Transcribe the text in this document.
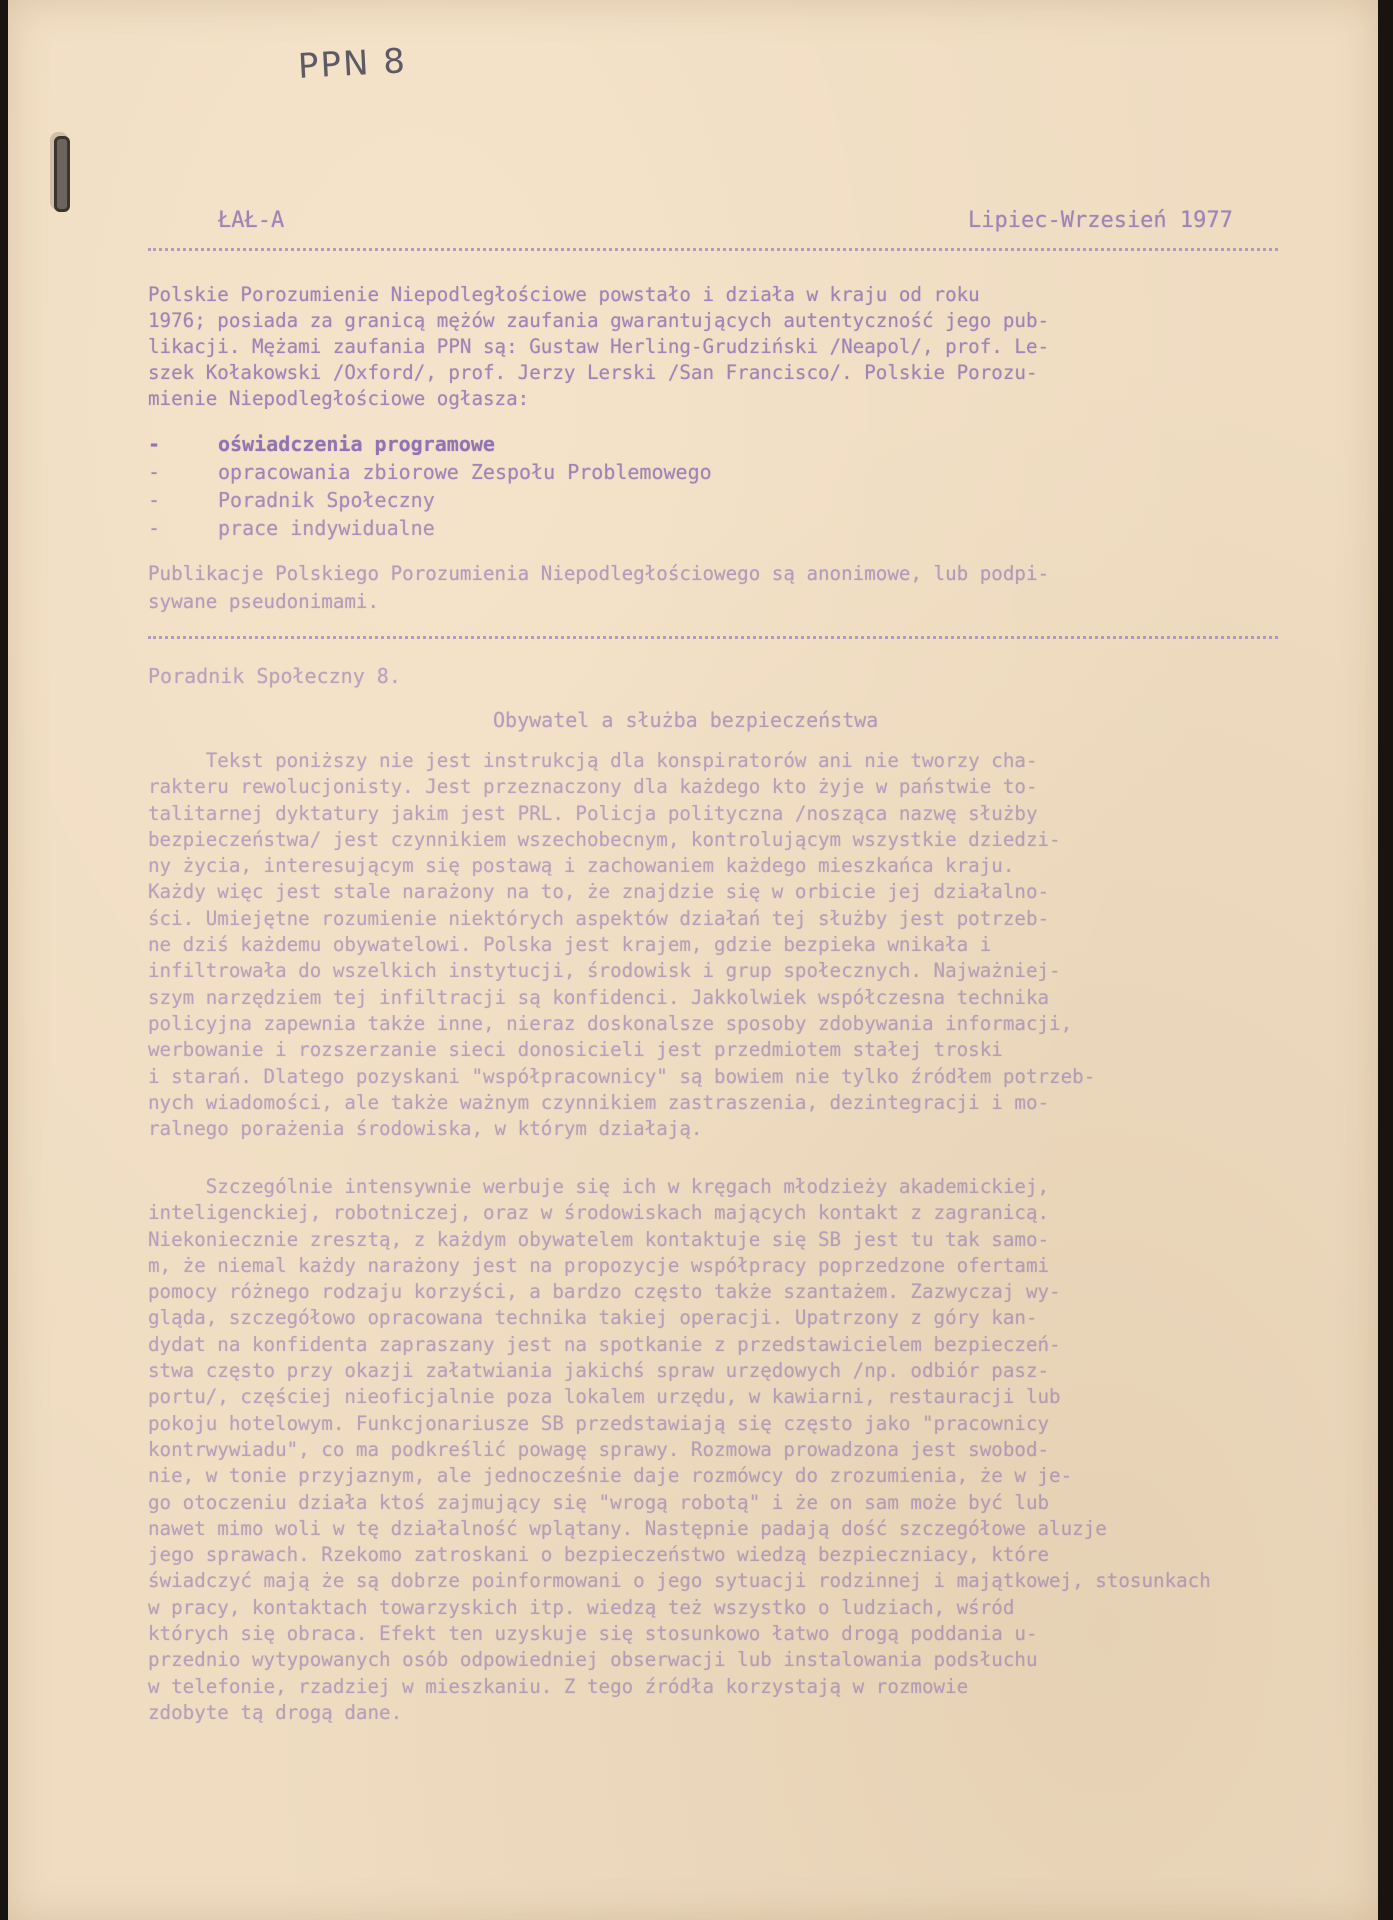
PPN 8
ŁAŁ-A	Lipiec-Wrzesień 1977
Polskie Porozumienie Niepodległościowe powstało i działa w kraju od roku
1976; posiada za granicą mężów zaufania gwarantujących autentyczność jego pub-
likacji. Mężami zaufania PPN są: Gustaw Herling-Grudziński /Neapol/, prof. Le-
szek Kołakowski /Oxford/, prof. Jerzy Lerski /San Francisco/. Polskie Porozu-
mienie Niepodległościowe ogłasza:
-	oświadczenia programowe
-	opracowania zbiorowe Zespołu Problemowego
-	Poradnik Społeczny
-	prace indywidualne
Publikacje Polskiego Porozumienia Niepodległościowego są anonimowe, lub podpi-
sywane pseudonimami.
Poradnik Społeczny 8.
Obywatel a służba bezpieczeństwa
Tekst poniższy nie jest instrukcją dla konspiratorów ani nie tworzy cha-
rakteru rewolucjonisty. Jest przeznaczony dla każdego kto żyje w państwie to-
talitarnej dyktatury jakim jest PRL. Policja polityczna /nosząca nazwę służby
bezpieczeństwa/ jest czynnikiem wszechobecnym, kontrolującym wszystkie dziedzi-
ny życia, interesującym się postawą i zachowaniem każdego mieszkańca kraju.
Każdy więc jest stale narażony na to, że znajdzie się w orbicie jej działalno-
ści. Umiejętne rozumienie niektórych aspektów działań tej służby jest potrzeb-
ne dziś każdemu obywatelowi. Polska jest krajem, gdzie bezpieka wnikała i
infiltrowała do wszelkich instytucji, środowisk i grup społecznych. Najważniej-
szym narzędziem tej infiltracji są konfidenci. Jakkolwiek współczesna technika
policyjna zapewnia także inne, nieraz doskonalsze sposoby zdobywania informacji,
werbowanie i rozszerzanie sieci donosicieli jest przedmiotem stałej troski
i starań. Dlatego pozyskani "współpracownicy" są bowiem nie tylko źródłem potrzeb-
nych wiadomości, ale także ważnym czynnikiem zastraszenia, dezintegracji i mo-
ralnego porażenia środowiska, w którym działają.
Szczególnie intensywnie werbuje się ich w kręgach młodzieży akademickiej,
inteligenckiej, robotniczej, oraz w środowiskach mających kontakt z zagranicą.
Niekoniecznie zresztą, z każdym obywatelem kontaktuje się SB jest tu tak samo-
m, że niemal każdy narażony jest na propozycje współpracy poprzedzone ofertami
pomocy różnego rodzaju korzyści, a bardzo często także szantażem. Zazwyczaj wy-
gląda, szczegółowo opracowana technika takiej operacji. Upatrzony z góry kan-
dydat na konfidenta zapraszany jest na spotkanie z przedstawicielem bezpieczeń-
stwa często przy okazji załatwiania jakichś spraw urzędowych /np. odbiór pasz-
portu/, częściej nieoficjalnie poza lokalem urzędu, w kawiarni, restauracji lub
pokoju hotelowym. Funkcjonariusze SB przedstawiają się często jako "pracownicy
kontrwywiadu", co ma podkreślić powagę sprawy. Rozmowa prowadzona jest swobod-
nie, w tonie przyjaznym, ale jednocześnie daje rozmówcy do zrozumienia, że w je-
go otoczeniu działa ktoś zajmujący się "wrogą robotą" i że on sam może być lub
nawet mimo woli w tę działalność wplątany. Następnie padają dość szczegółowe aluzje
jego sprawach. Rzekomo zatroskani o bezpieczeństwo wiedzą bezpieczniacy, które
świadczyć mają że są dobrze poinformowani o jego sytuacji rodzinnej i majątkowej, stosunkach
w pracy, kontaktach towarzyskich itp. wiedzą też wszystko o ludziach, wśród
których się obraca. Efekt ten uzyskuje się stosunkowo łatwo drogą poddania u-
przednio wytypowanych osób odpowiedniej obserwacji lub instalowania podsłuchu
w telefonie, rzadziej w mieszkaniu. Z tego źródła korzystają w rozmowie
zdobyte tą drogą dane.
